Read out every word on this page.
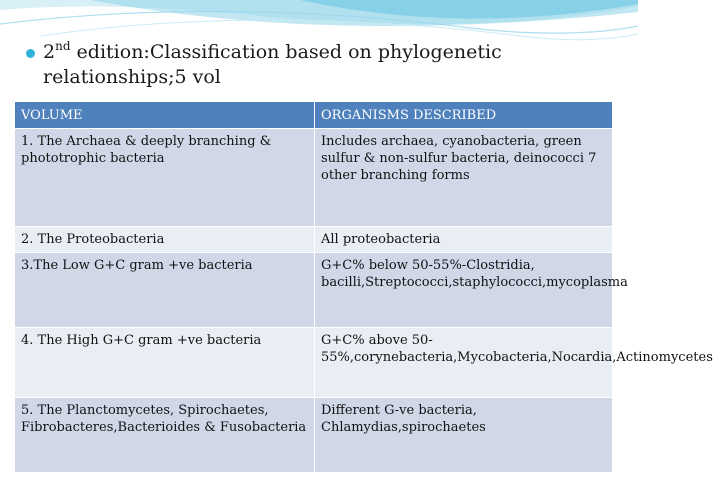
2nd edition:Classification based on phylogenetic
relationships;5 vol
VOLUME	ORGANISMS DESCRIBED
1. The Archaea & deeply branching & phototrophic bacteria	Includes archaea, cyanobacteria, green sulfur & non-sulfur bacteria, deinococci 7 other branching forms
2. The Proteobacteria	All proteobacteria
3.The Low G+C gram +ve bacteria	G+C% below 50-55%-Clostridia, bacilli,Streptococci,staphylococci,mycoplasma
4. The High G+C gram +ve bacteria	G+C% above 50-55%,corynebacteria,Mycobacteria,Nocardia,Actinomycetes
5. The Planctomycetes, Spirochaetes, Fibrobacteres,Bacterioides & Fusobacteria	Different G-ve bacteria, Chlamydias,spirochaetes
